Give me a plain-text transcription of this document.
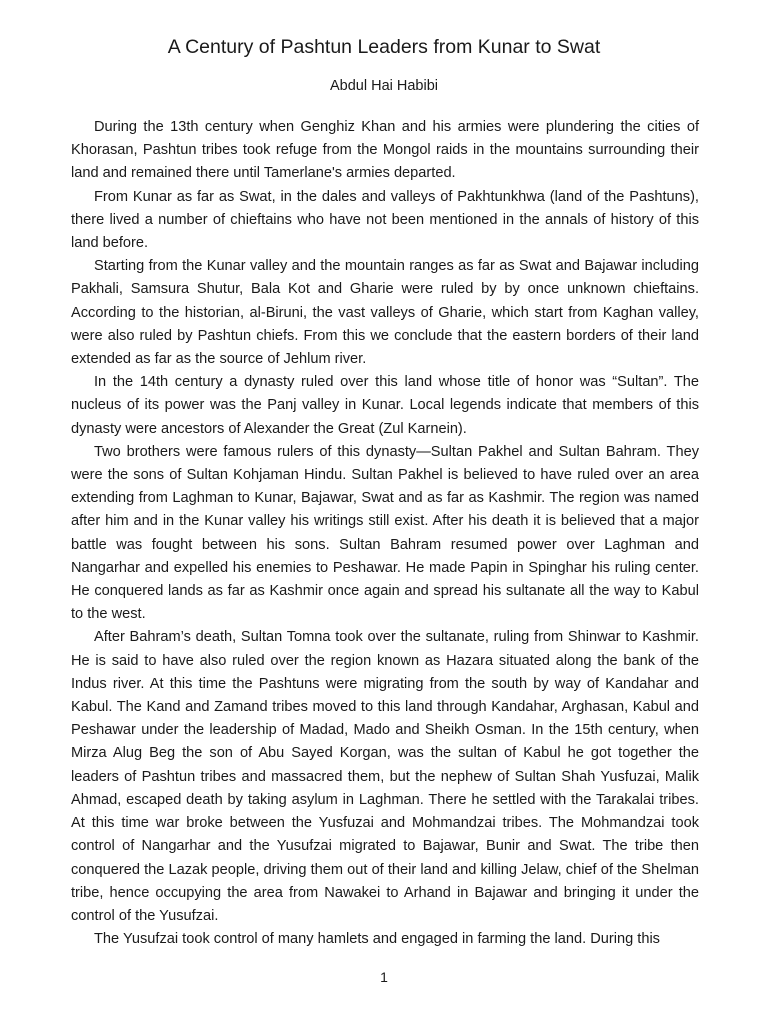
A Century of Pashtun Leaders from Kunar to Swat
Abdul Hai Habibi

During the 13th century when Genghiz Khan and his armies were plundering the cities of Khorasan, Pashtun tribes took refuge from the Mongol raids in the mountains surrounding their land and remained there until Tamerlane's armies departed.

From Kunar as far as Swat, in the dales and valleys of Pakhtunkhwa (land of the Pashtuns), there lived a number of chieftains who have not been mentioned in the annals of history of this land before.

Starting from the Kunar valley and the mountain ranges as far as Swat and Bajawar including Pakhali, Samsura Shutur, Bala Kot and Gharie were ruled by by once unknown chieftains. According to the historian, al-Biruni, the vast valleys of Gharie, which start from Kaghan valley, were also ruled by Pashtun chiefs. From this we conclude that the eastern borders of their land extended as far as the source of Jehlum river.

In the 14th century a dynasty ruled over this land whose title of honor was “Sultan”. The nucleus of its power was the Panj valley in Kunar. Local legends indicate that members of this dynasty were ancestors of Alexander the Great (Zul Karnein).

Two brothers were famous rulers of this dynasty—Sultan Pakhel and Sultan Bahram. They were the sons of Sultan Kohjaman Hindu. Sultan Pakhel is believed to have ruled over an area extending from Laghman to Kunar, Bajawar, Swat and as far as Kashmir. The region was named after him and in the Kunar valley his writings still exist. After his death it is believed that a major battle was fought between his sons. Sultan Bahram resumed power over Laghman and Nangarhar and expelled his enemies to Peshawar. He made Papin in Spinghar his ruling center. He conquered lands as far as Kashmir once again and spread his sultanate all the way to Kabul to the west.

After Bahram’s death, Sultan Tomna took over the sultanate, ruling from Shinwar to Kashmir. He is said to have also ruled over the region known as Hazara situated along the bank of the Indus river. At this time the Pashtuns were migrating from the south by way of Kandahar and Kabul. The Kand and Zamand tribes moved to this land through Kandahar, Arghasan, Kabul and Peshawar under the leadership of Madad, Mado and Sheikh Osman. In the 15th century, when Mirza Alug Beg the son of Abu Sayed Korgan, was the sultan of Kabul he got together the leaders of Pashtun tribes and massacred them, but the nephew of Sultan Shah Yusfuzai, Malik Ahmad, escaped death by taking asylum in Laghman. There he settled with the Tarakalai tribes. At this time war broke between the Yusfuzai and Mohmandzai tribes. The Mohmandzai took control of Nangarhar and the Yusufzai migrated to Bajawar, Bunir and Swat. The tribe then conquered the Lazak people, driving them out of their land and killing Jelaw, chief of the Shelman tribe, hence occupying the area from Nawakei to Arhand in Bajawar and bringing it under the control of the Yusufzai.

The Yusufzai took control of many hamlets and engaged in farming the land. During this

1
